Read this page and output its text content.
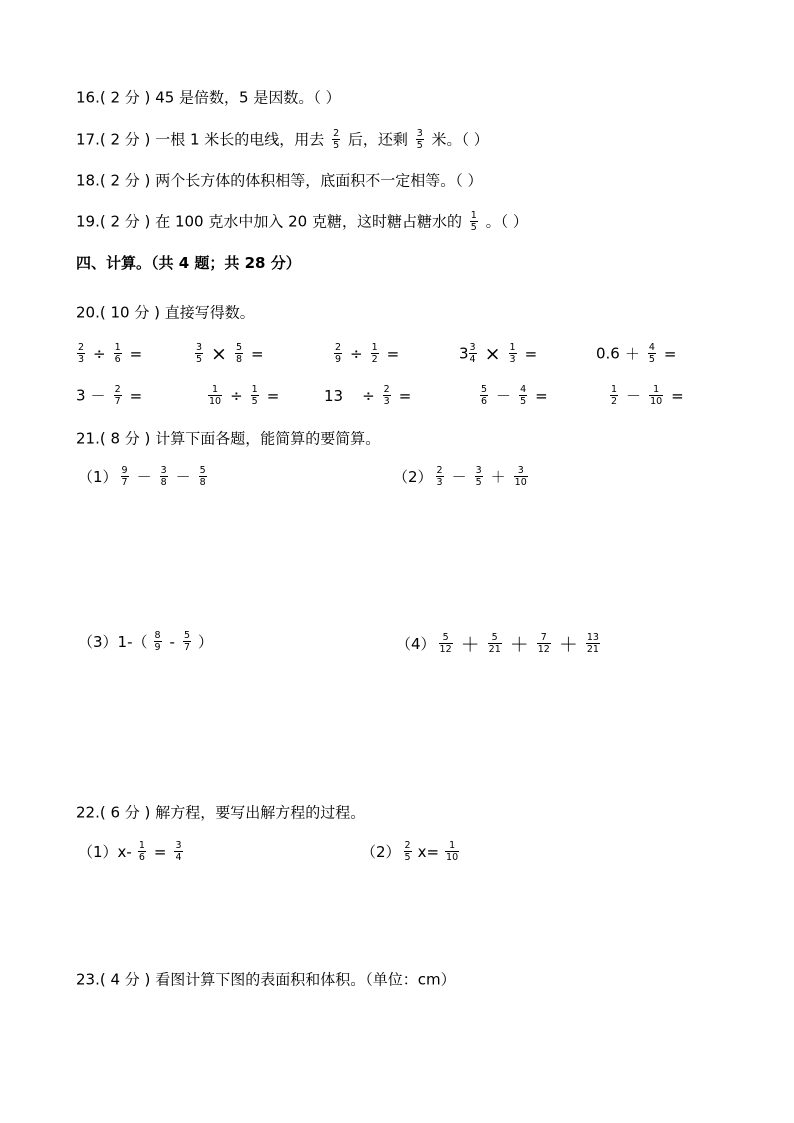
16.( 2 分 ) 45 是倍数，5 是因数。（ ）
17.( 2 分 ) 一根 1 米长的电线，用去 $\frac{2}{5}$ 后，还剩 $\frac{3}{5}$ 米。（ ）
18.( 2 分 ) 两个长方体的体积相等，底面积不一定相等。（ ）
19.( 2 分 ) 在 100 克水中加入 20 克糖，这时糖占糖水的 $\frac{1}{5}$ 。（ ）
四、计算。（共 4 题；共 28 分）
20.( 10 分 ) 直接写得数。
$\frac{2}{3} \div \frac{1}{6}$ =	$\frac{3}{5} \times \frac{5}{8}$ =	$\frac{2}{9} \div \frac{1}{2}$ =	$3 \frac{3}{4} \times \frac{1}{3}$ =	$0.6 + \frac{4}{5}$ =
$3 - \frac{2}{7}$ =	$\frac{1}{10} \div \frac{1}{5}$ =	$13 \div \frac{2}{3}$ =	$\frac{5}{6} - \frac{4}{5}$ =	$\frac{1}{2} - \frac{1}{10}$ =
21.( 8 分 ) 计算下面各题，能简算的要简算。
$(1) \frac{9}{7} - \frac{3}{8} - \frac{5}{8}$	$(2) \frac{2}{3} - \frac{3}{5} + \frac{3}{10}$
$(3)1-( \frac{8}{9} - \frac{5}{7}$ ）	$(4) \frac{5}{12} + \frac{5}{21} + \frac{7}{12} + \frac{13}{21}$
22.( 6 分 ) 解方程，要写出解方程的过程。
$(1)x- \frac{1}{6} = \frac{3}{4}$	$(2) \frac{2}{5} x= \frac{1}{10}$
23.( 4 分 ) 看图计算下图的表面积和体积。（单位：cm）
